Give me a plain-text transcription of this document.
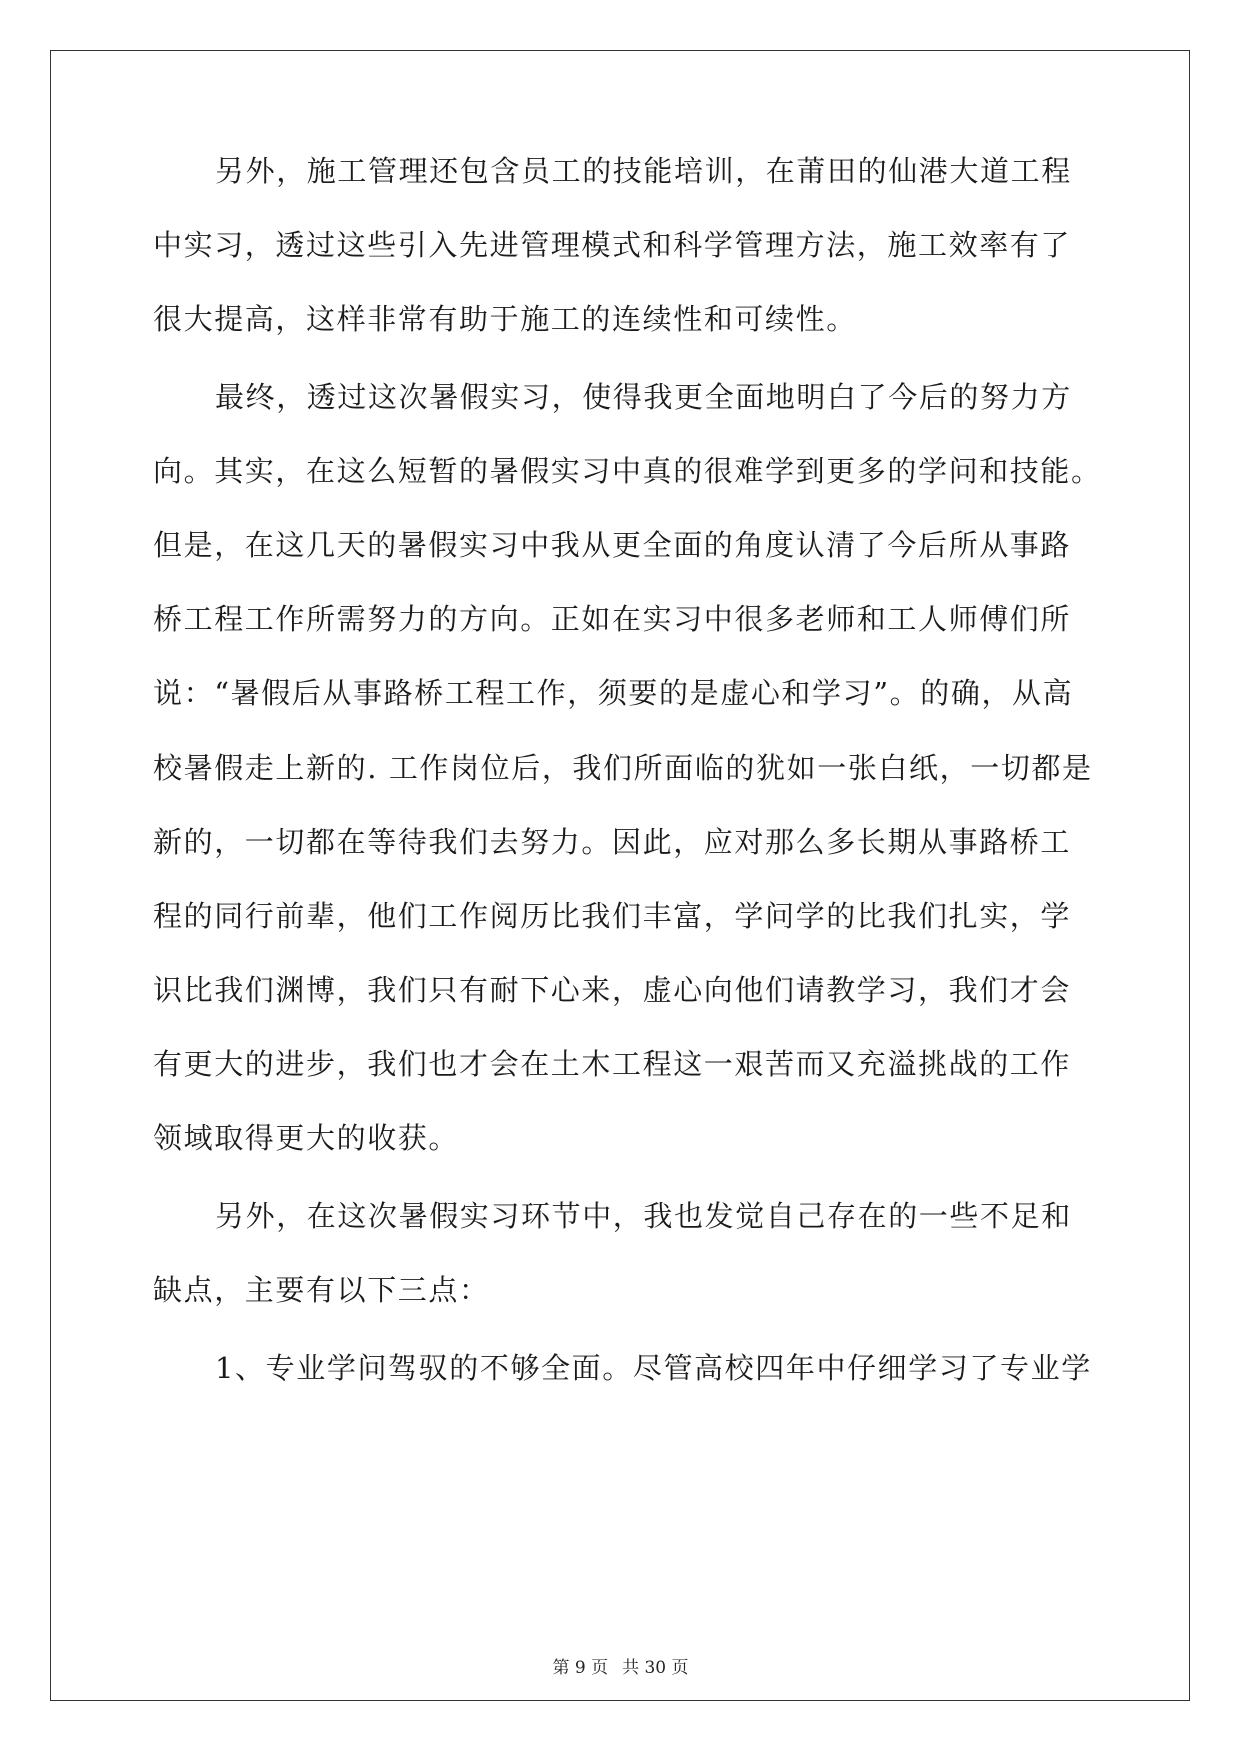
另外，施工管理还包含员工的技能培训，在莆田的仙港大道工程
中实习，透过这些引入先进管理模式和科学管理方法，施工效率有了
很大提高，这样非常有助于施工的连续性和可续性。
最终，透过这次暑假实习，使得我更全面地明白了今后的努力方
向。其实，在这么短暂的暑假实习中真的很难学到更多的学问和技能。
但是，在这几天的暑假实习中我从更全面的角度认清了今后所从事路
桥工程工作所需努力的方向。正如在实习中很多老师和工人师傅们所
说：“暑假后从事路桥工程工作，须要的是虚心和学习”。的确，从高
校暑假走上新的. 工作岗位后，我们所面临的犹如一张白纸，一切都是
新的，一切都在等待我们去努力。因此，应对那么多长期从事路桥工
程的同行前辈，他们工作阅历比我们丰富，学问学的比我们扎实，学
识比我们渊博，我们只有耐下心来，虚心向他们请教学习，我们才会
有更大的进步，我们也才会在土木工程这一艰苦而又充溢挑战的工作
领域取得更大的收获。
另外，在这次暑假实习环节中，我也发觉自己存在的一些不足和
缺点，主要有以下三点：
1、专业学问驾驭的不够全面。尽管高校四年中仔细学习了专业学
第 9 页 共 30 页
